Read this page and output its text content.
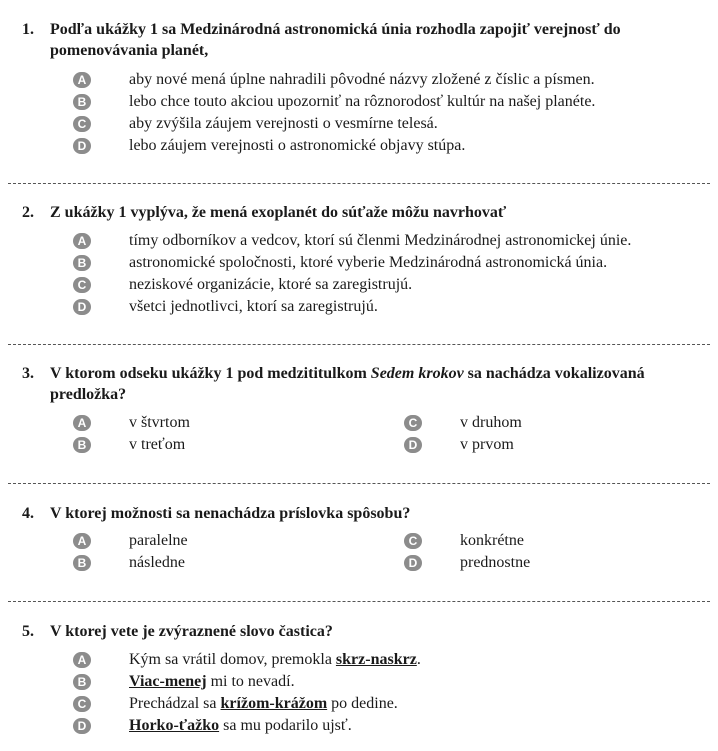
1. Podľa ukážky 1 sa Medzinárodná astronomická únia rozhodla zapojiť verejnosť do pomenovávania planét,
A	aby nové mená úplne nahradili pôvodné názvy zložené z číslic a písmen.
B	lebo chce touto akciou upozorniť na rôznorodosť kultúr na našej planéte.
C	aby zvýšila záujem verejnosti o vesmírne telesá.
D	lebo záujem verejnosti o astronomické objavy stúpa.
2. Z ukážky 1 vyplýva, že mená exoplanét do súťaže môžu navrhovať
A	tímy odborníkov a vedcov, ktorí sú členmi Medzinárodnej astronomickej únie.
B	astronomické spoločnosti, ktoré vyberie Medzinárodná astronomická únia.
C	neziskové organizácie, ktoré sa zaregistrujú.
D	všetci jednotlivci, ktorí sa zaregistrujú.
3. V ktorom odseku ukážky 1 pod medzititulkom Sedem krokov sa nachádza vokalizovaná
predložka?
A	v štvrtom
B	v treťom
C	v druhom
D	v prvom
4. V ktorej možnosti sa nenachádza príslovka spôsobu?
A	paralelne
B	následne
C	konkrétne
D	prednostne
5. V ktorej vete je zvýraznené slovo častica?
A	Kým sa vrátil domov, premokla skrz-naskrz.
B	Viac-menej mi to nevadí.
C	Prechádzal sa krížom-krážom po dedine.
D	Horko-ťažko sa mu podarilo ujsť.
